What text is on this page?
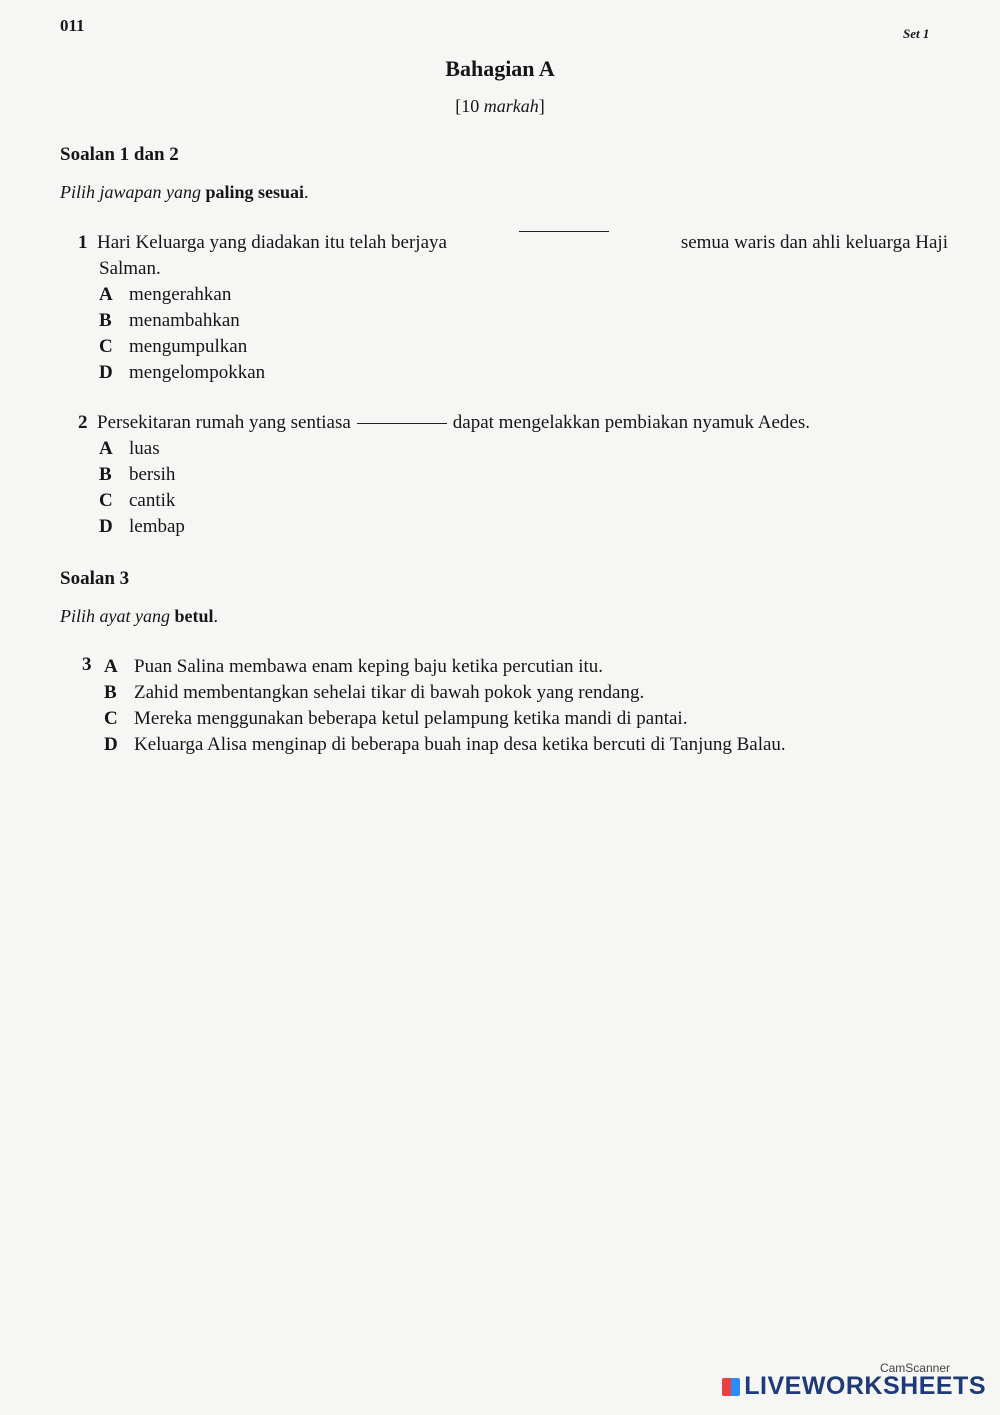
011	Set 1
Bahagian A
[10 markah]
Soalan 1 dan 2
Pilih jawapan yang paling sesuai.
1 Hari Keluarga yang diadakan itu telah berjaya	semua waris dan ahli keluarga Haji
Salman.
A mengerahkan
B menambahkan
C mengumpulkan
D mengelompokkan
2 Persekitaran rumah yang sentiasa	dapat mengelakkan pembiakan nyamuk Aedes.
A luas
B bersih
C cantik
D lembap
Soalan 3
Pilih ayat yang betul.
3 A Puan Salina membawa enam keping baju ketika percutian itu.
B Zahid membentangkan sehelai tikar di bawah pokok yang rendang.
C Mereka menggunakan beberapa ketul pelampung ketika mandi di pantai.
D Keluarga Alisa menginap di beberapa buah inap desa ketika bercuti di Tanjung Balau.
CamScanner
LIVEWORKSHEETS
